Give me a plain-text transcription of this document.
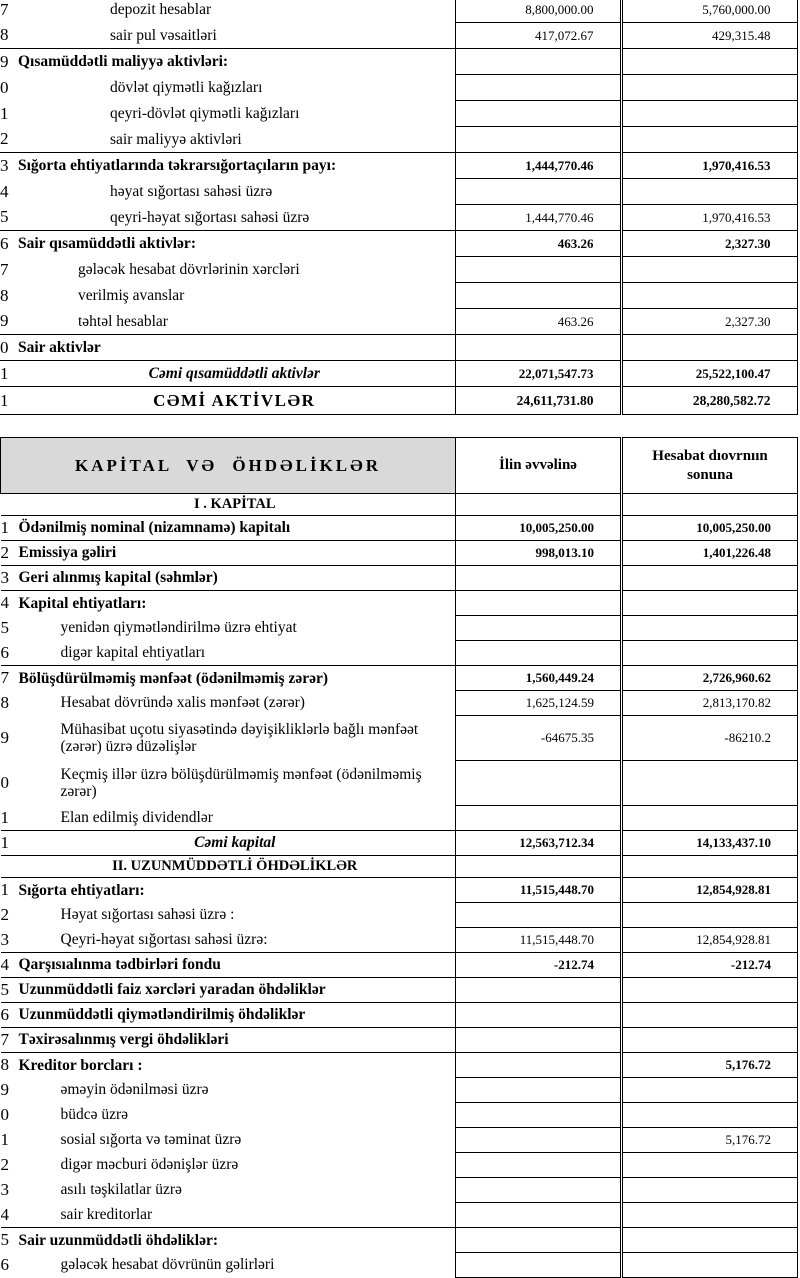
7	depozit hesablar	8,800,000.00		5,760,000.00
8	sair pul vəsaitləri	417,072.67		429,315.48
9	Qısamüddətli maliyyə aktivləri:			
0	dövlət qiymətli kağızları			
1	qeyri-dövlət qiymətli kağızları			
2	sair maliyyə aktivləri			
3	Sığorta ehtiyatlarında təkrarsığortaçıların payı:	1,444,770.46		1,970,416.53
4	həyat sığortası sahəsi üzrə			
5	qeyri-həyat sığortası sahəsi üzrə	1,444,770.46		1,970,416.53
6	Sair qısamüddətli aktivlər:	463.26		2,327.30
7	gələcək hesabat dövrlərinin xərcləri			
8	verilmiş avanslar			
9	təhtəl hesablar	463.26		2,327.30
0	Sair aktivlər			
1	Cəmi qısamüddətli aktivlər	22,071,547.73		25,522,100.47
1	CƏMİ AKTİVLƏR	24,611,731.80		28,280,582.72
KAPİTAL VƏ ÖHDƏLİKLƏR		İlin əvvəlinə		Hesabat dıovrnıın sonuna
	I . KAPİTAL			
1	Ödənilmiş nominal (nizamnamə) kapitalı	10,005,250.00		10,005,250.00
2	Emissiya gəliri	998,013.10		1,401,226.48
3	Geri alınmış kapital (səhmlər)			
4	Kapital ehtiyatları:			
5	yenidən qiymətləndirilmə üzrə ehtiyat			
6	digər kapital ehtiyatları			
7	Bölüşdürülməmiş mənfəət (ödənilməmiş zərər)	1,560,449.24		2,726,960.62
8	Hesabat dövründə xalis mənfəət (zərər)	1,625,124.59		2,813,170.82
9	Mühasibat uçotu siyasətində dəyişikliklərlə bağlı mənfəət (zərər) üzrə düzəlişlər	-64675.35		-86210.2
0	Keçmiş illər üzrə bölüşdürülməmiş mənfəət (ödənilməmiş zərər)			
1	Elan edilmiş dividendlər			
1	Cəmi kapital	12,563,712.34		14,133,437.10
	II. UZUNMÜDDƏTLİ ÖHDƏLİKLƏR			
1	Sığorta ehtiyatları:	11,515,448.70		12,854,928.81
2	Həyat sığortası sahəsi üzrə :			
3	Qeyri-həyat sığortası sahəsi üzrə:	11,515,448.70		12,854,928.81
4	Qarşısıalınma tədbirləri fondu	-212.74		-212.74
5	Uzunmüddətli faiz xərcləri yaradan öhdəliklər			
6	Uzunmüddətli qiymətləndirilmiş öhdəliklər			
7	Təxirəsalınmış vergi öhdəlikləri			
8	Kreditor borcları :			5,176.72
9	əməyin ödənilməsi üzrə			
0	büdcə üzrə			
1	sosial sığorta və təminat üzrə			5,176.72
2	digər məcburi ödənişlər üzrə			
3	asılı təşkilatlar üzrə			
4	sair kreditorlar			
5	Sair uzunmüddətli öhdəliklər:			
6	gələcək hesabat dövrünün gəlirləri			
